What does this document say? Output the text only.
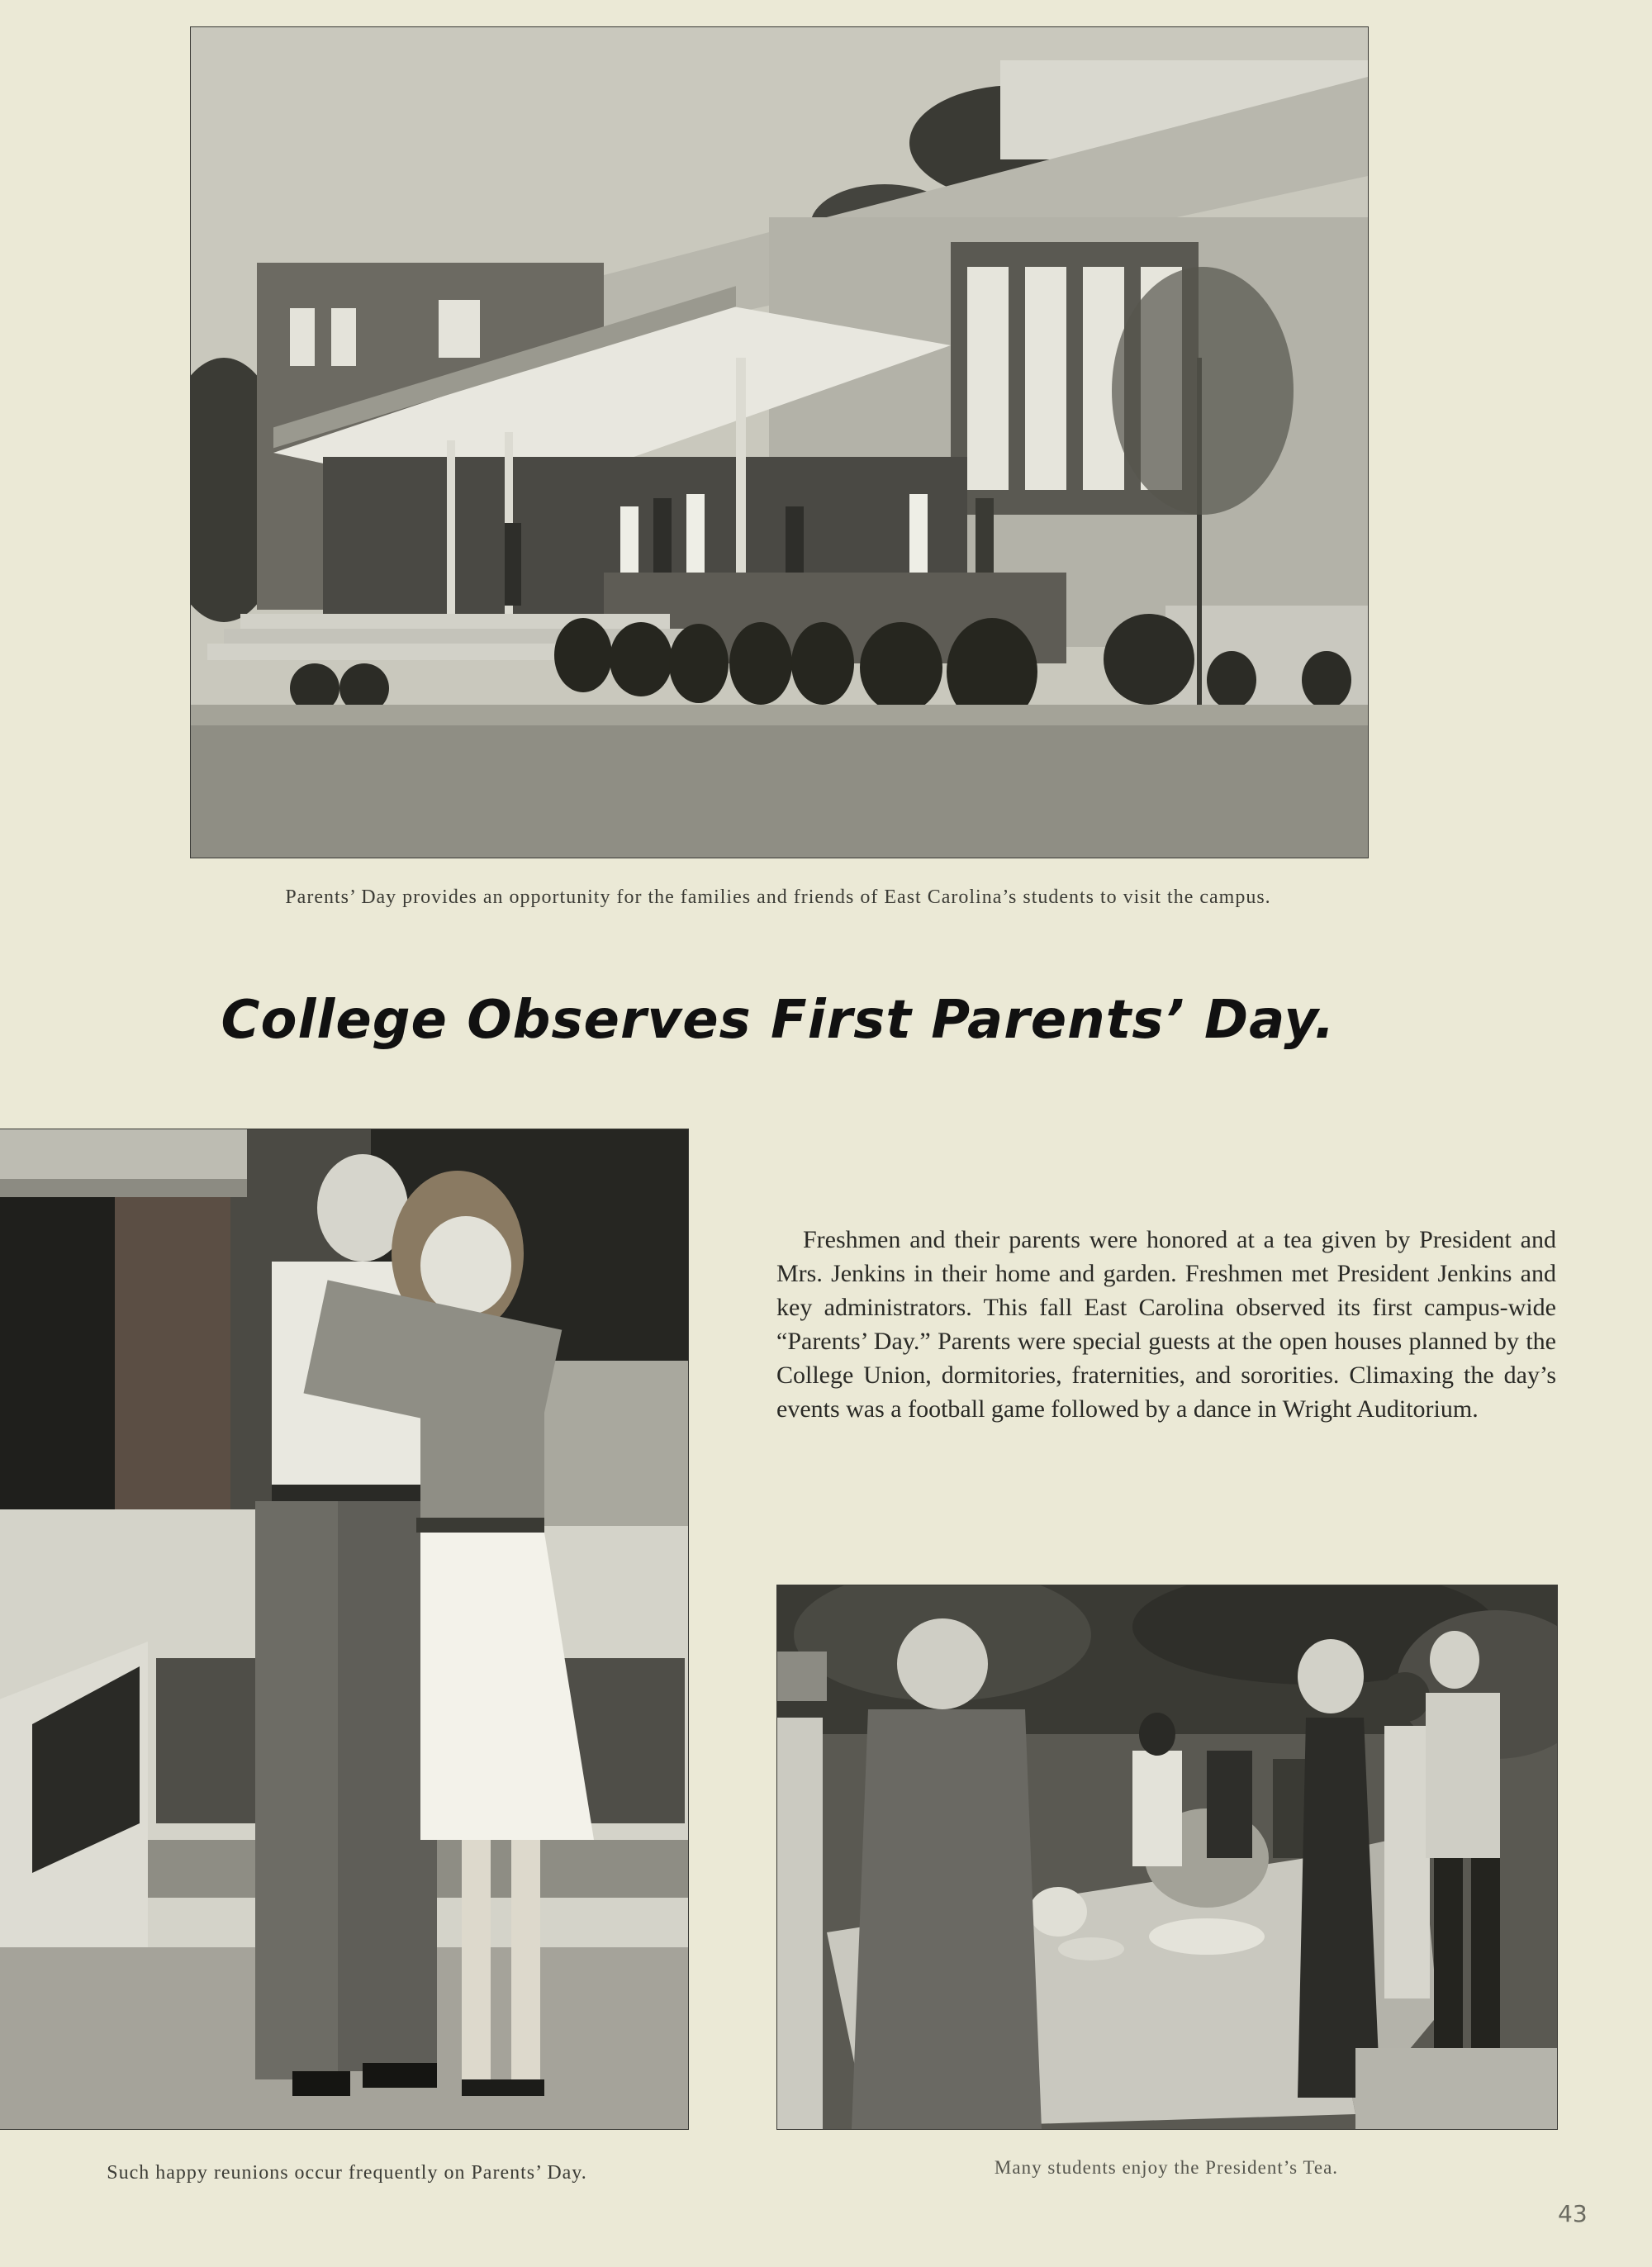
Parents’ Day provides an opportunity for the families and friends of East Carolina’s students to visit the campus.
College Observes First Parents’ Day.

Freshmen and their parents were honored at a tea given by President and Mrs. Jenkins in their home and garden. Freshmen met President Jenkins and key administrators. This fall East Carolina observed its first campus-wide “Parents’ Day.” Parents were special guests at the open houses planned by the College Union, dormitories, fraternities, and sororities. Climaxing the day’s events was a football game followed by a dance in Wright Auditorium.

Such happy reunions occur frequently on Parents’ Day.	Many students enjoy the President’s Tea.
43
